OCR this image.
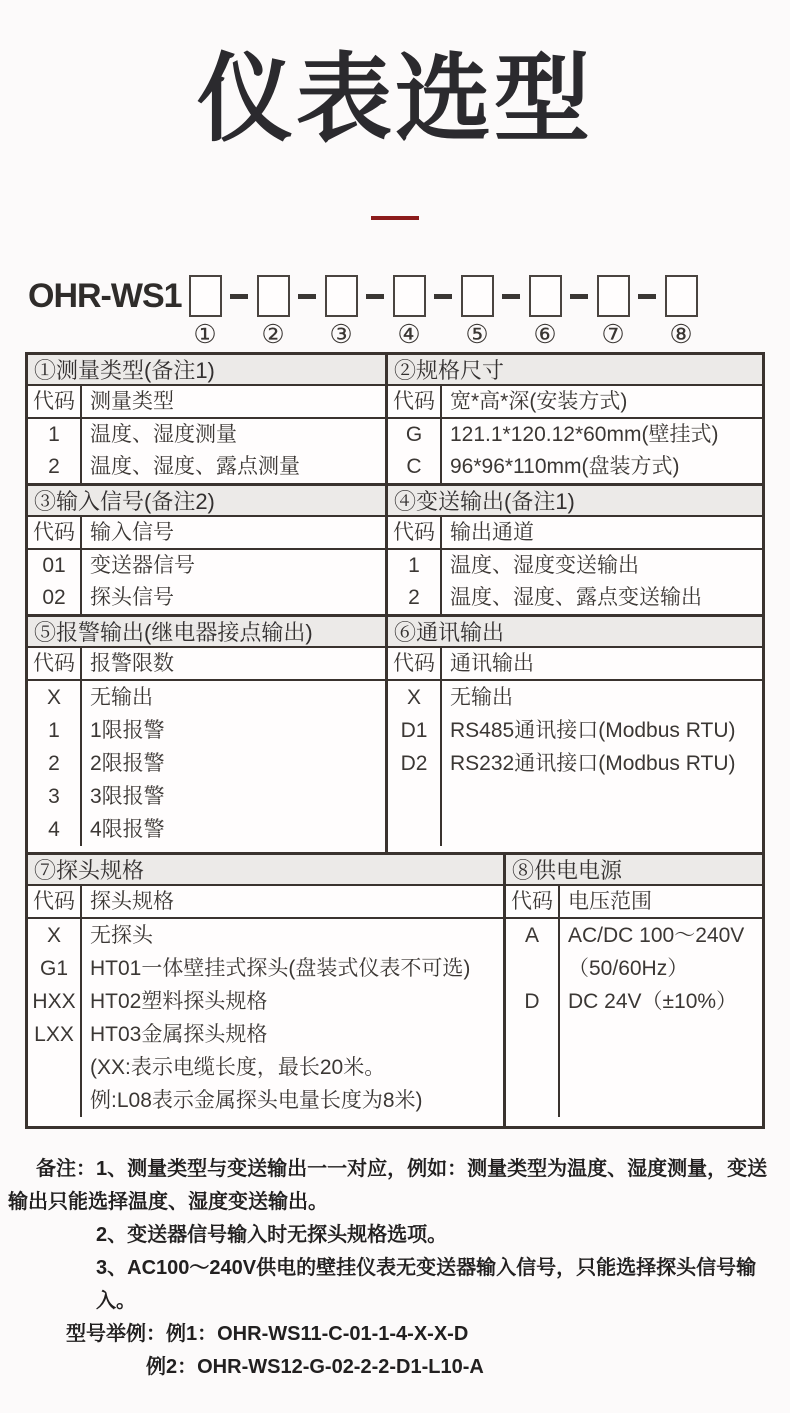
仪表选型
OHR-WS1
① ② ③ ④ ⑤ ⑥ ⑦ ⑧
①测量类型(备注1)
代码 测量类型
1
2
温度、湿度测量
温度、湿度、露点测量
②规格尺寸
代码 宽*高*深(安装方式)
G
C
121.1*120.12*60mm(壁挂式)
96*96*110mm(盘装方式)
③输入信号(备注2)
代码 输入信号
01
02
变送器信号
探头信号
④变送输出(备注1)
代码 输出通道
1
2
温度、湿度变送输出
温度、湿度、露点变送输出
⑤报警输出(继电器接点输出)
代码 报警限数
X
1
2
3
4
无输出
1限报警
2限报警
3限报警
4限报警
⑥通讯输出
代码 通讯输出
X
D1
D2
无输出
RS485通讯接口(Modbus RTU)
RS232通讯接口(Modbus RTU)
⑦探头规格
代码 探头规格
X
G1
HXX
LXX

无探头
HT01一体壁挂式探头(盘装式仪表不可选)
HT02塑料探头规格
HT03金属探头规格
(XX:表示电缆长度，最长20米。
例:L08表示金属探头电量长度为8米)
⑧供电电源
代码 电压范围
A

D
AC/DC 100～240V
（50/60Hz）
DC 24V（±10%）
备注：1、测量类型与变送输出一一对应，例如：测量类型为温度、湿度测量，变送输出只能选择温度、湿度变送输出。
2、变送器信号输入时无探头规格选项。
3、AC100～240V供电的壁挂仪表无变送器输入信号，只能选择探头信号输入。
型号举例：例1：OHR-WS11-C-01-1-4-X-X-D
例2：OHR-WS12-G-02-2-2-D1-L10-A
